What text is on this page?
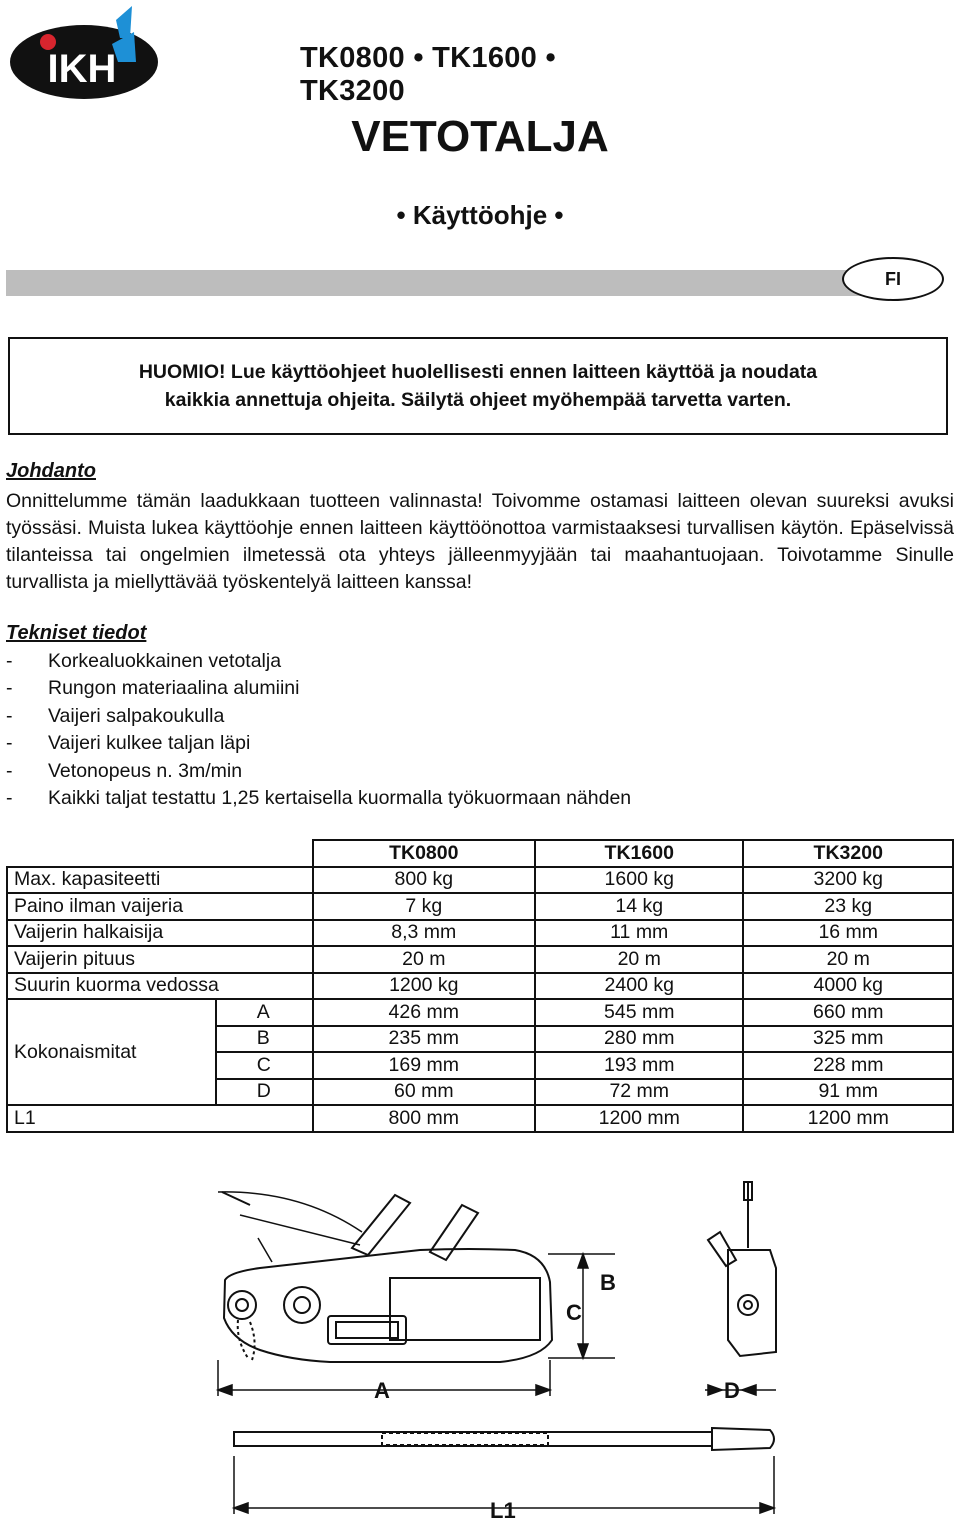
IKH	TK0800 • TK1600 • TK3200
VETOTALJA
• Käyttöohje •
FI
HUOMIO! Lue käyttöohjeet huolellisesti ennen laitteen käyttöä ja noudata
kaikkia annettuja ohjeita. Säilytä ohjeet myöhempää tarvetta varten.
Johdanto
Onnittelumme tämän laadukkaan tuotteen valinnasta! Toivomme ostamasi laitteen olevan suureksi avuksi työssäsi. Muista lukea käyttöohje ennen laitteen käyttöönottoa varmistaaksesi turvallisen käytön. Epäselvissä tilanteissa tai ongelmien ilmetessä ota yhteys jälleenmyyjään tai maahantuojaan. Toivotamme Sinulle turvallista ja miellyttävää työskentelyä laitteen kanssa!
Tekniset tiedot
- Korkealuokkainen vetotalja
- Rungon materiaalina alumiini
- Vaijeri salpakoukulla
- Vaijeri kulkee taljan läpi
- Vetonopeus n. 3m/min
- Kaikki taljat testattu 1,25 kertaisella kuormalla työkuormaan nähden
		TK0800	TK1600	TK3200
Max. kapasiteetti		800 kg	1600 kg	3200 kg
Paino ilman vaijeria		7 kg	14 kg	23 kg
Vaijerin halkaisija		8,3 mm	11 mm	16 mm
Vaijerin pituus		20 m	20 m	20 m
Suurin kuorma vedossa		1200 kg	2400 kg	4000 kg
Kokonaismitat	A	426 mm	545 mm	660 mm
	B	235 mm	280 mm	325 mm
	C	169 mm	193 mm	228 mm
	D	60 mm	72 mm	91 mm
L1		800 mm	1200 mm	1200 mm
A
B
C
D
L1
